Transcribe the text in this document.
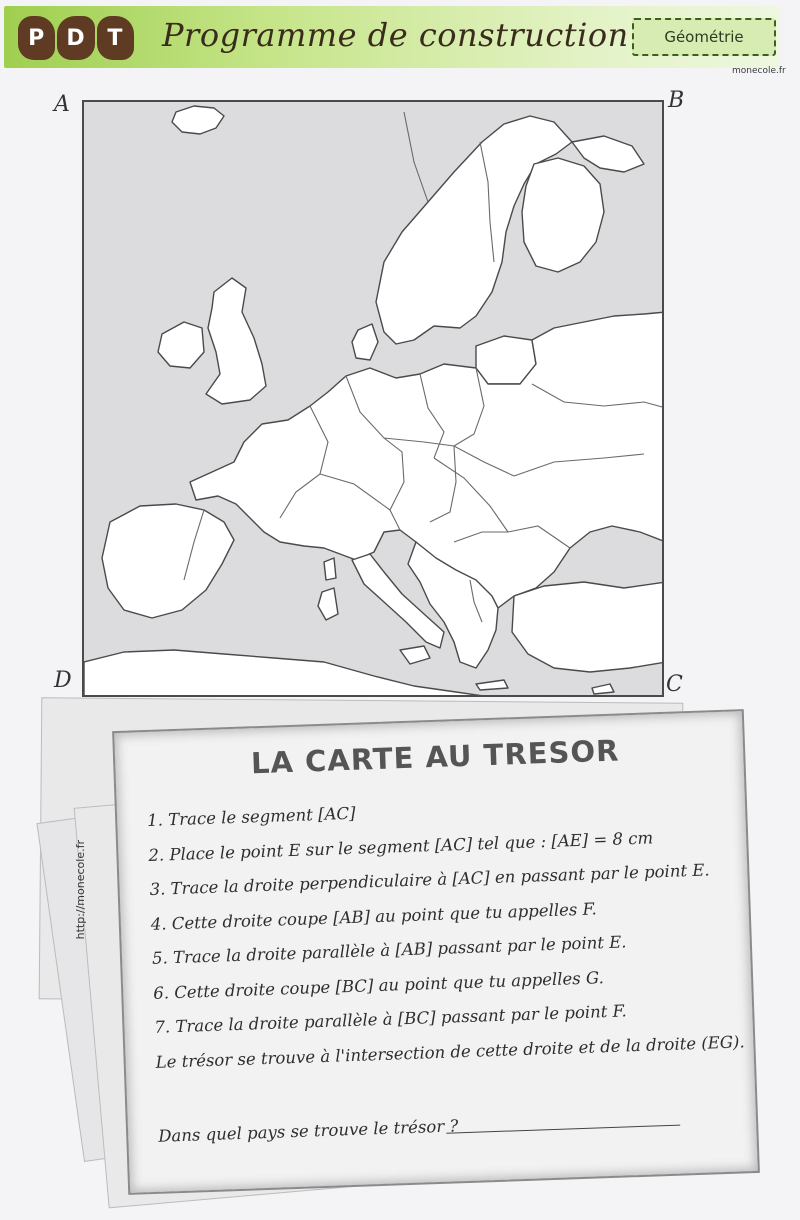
P D T	Programme de construction	Géométrie
monecole.fr
A	B
C
D
http://monecole.fr
LA CARTE AU TRESOR
1. Trace le segment [AC]
2. Place le point E sur le segment [AC] tel que : [AE] = 8 cm
3. Trace la droite perpendiculaire à [AC] en passant par le point E.
4. Cette droite coupe [AB] au point que tu appelles F.
5. Trace la droite parallèle à [AB] passant par le point E.
6. Cette droite coupe [BC] au point que tu appelles G.
7. Trace la droite parallèle à [BC] passant par le point F.
Le trésor se trouve à l'intersection de cette droite et de la droite (EG).
Dans quel pays se trouve le trésor ?
